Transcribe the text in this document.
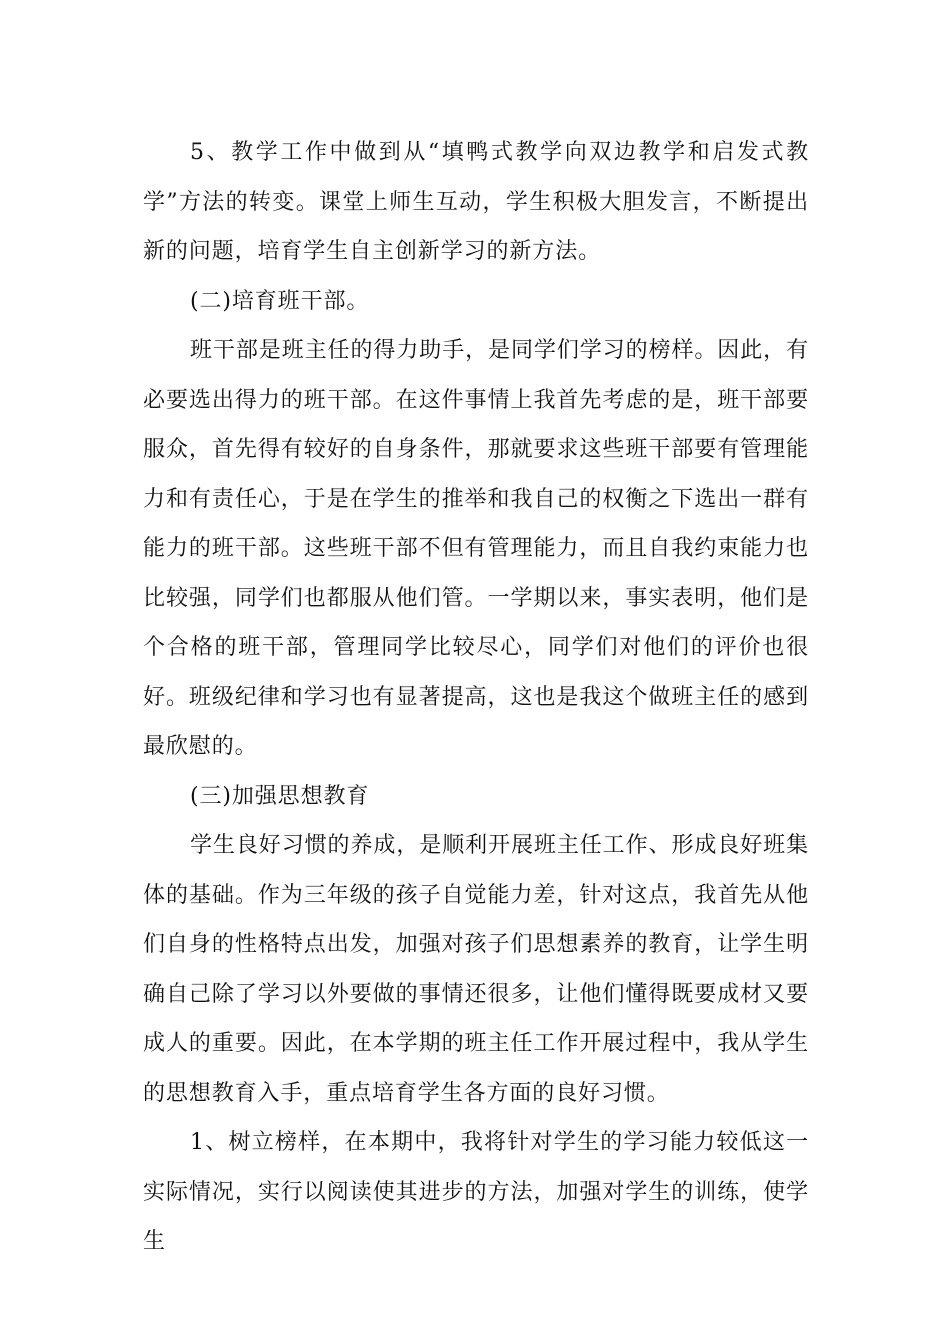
5、教学工作中做到从“填鸭式教学向双边教学和启发式教学”方法的转变。课堂上师生互动，学生积极大胆发言，不断提出新的问题，培育学生自主创新学习的新方法。

(二)培育班干部。

班干部是班主任的得力助手，是同学们学习的榜样。因此，有必要选出得力的班干部。在这件事情上我首先考虑的是，班干部要服众，首先得有较好的自身条件，那就要求这些班干部要有管理能力和有责任心，于是在学生的推举和我自己的权衡之下选出一群有能力的班干部。这些班干部不但有管理能力，而且自我约束能力也比较强，同学们也都服从他们管。一学期以来，事实表明，他们是个合格的班干部，管理同学比较尽心，同学们对他们的评价也很好。班级纪律和学习也有显著提高，这也是我这个做班主任的感到最欣慰的。

(三)加强思想教育

学生良好习惯的养成，是顺利开展班主任工作、形成良好班集体的基础。作为三年级的孩子自觉能力差，针对这点，我首先从他们自身的性格特点出发，加强对孩子们思想素养的教育，让学生明确自己除了学习以外要做的事情还很多，让他们懂得既要成材又要成人的重要。因此，在本学期的班主任工作开展过程中，我从学生的思想教育入手，重点培育学生各方面的良好习惯。

1、树立榜样，在本期中，我将针对学生的学习能力较低这一实际情况，实行以阅读使其进步的方法，加强对学生的训练，使学生
